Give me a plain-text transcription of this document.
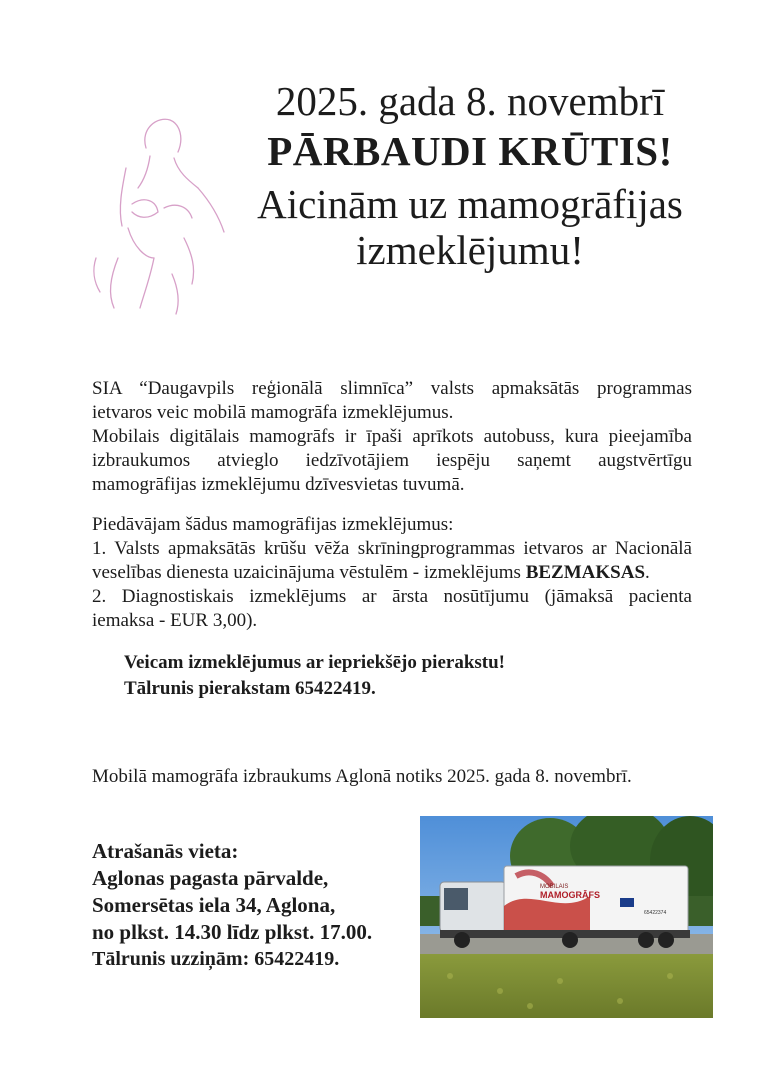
2025. gada 8. novembrī
PĀRBAUDI KRŪTIS!
Aicinām uz mamogrāfijas
izmeklējumu!
SIA “Daugavpils reģionālā slimnīca” valsts apmaksātās programmas
ietvaros veic mobilā mamogrāfa izmeklējumus.
Mobilais digitālais mamogrāfs ir īpaši aprīkots autobuss, kura pieejamība
izbraukumos atvieglo iedzīvotājiem iespēju saņemt augstvērtīgu
mamogrāfijas izmeklējumu dzīvesvietas tuvumā.
Piedāvājam šādus mamogrāfijas izmeklējumus:
1. Valsts apmaksātās krūšu vēža skrīningprogrammas ietvaros ar Nacionālā
veselības dienesta uzaicinājuma vēstulēm - izmeklējums BEZMAKSAS.
2. Diagnostiskais izmeklējums ar ārsta nosūtījumu (jāmaksā pacienta
iemaksa - EUR 3,00).
Veicam izmeklējumus ar iepriekšējo pierakstu!
Tālrunis pierakstam 65422419.
Mobilā mamogrāfa izbraukums Aglonā notiks 2025. gada 8. novembrī.
Atrašanās vieta:
Aglonas pagasta pārvalde,
Somersētas iela 34, Aglona,
no plkst. 14.30 līdz plkst. 17.00.
Tālrunis uzziņām: 65422419.
MOBILAIS
MAMOGRĀFS
65422374
